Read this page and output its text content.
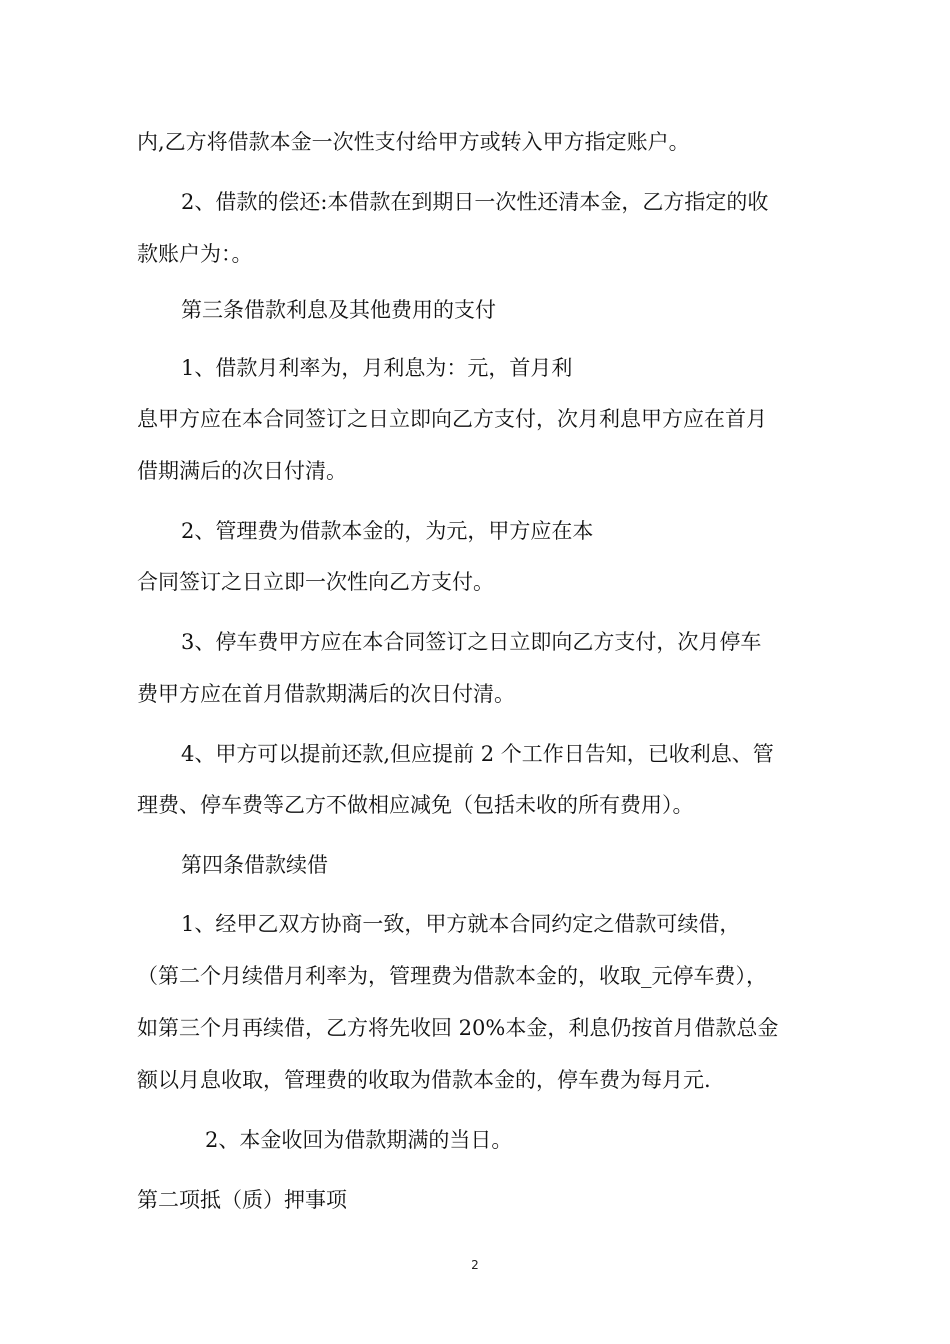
内,乙方将借款本金一次性支付给甲方或转入甲方指定账户。
2、借款的偿还:本借款在到期日一次性还清本金，乙方指定的收
款账户为：。
第三条借款利息及其他费用的支付
1、借款月利率为，月利息为：元，首月利
息甲方应在本合同签订之日立即向乙方支付，次月利息甲方应在首月
借期满后的次日付清。
2、管理费为借款本金的，为元，甲方应在本
合同签订之日立即一次性向乙方支付。
3、停车费甲方应在本合同签订之日立即向乙方支付，次月停车
费甲方应在首月借款期满后的次日付清。
4、甲方可以提前还款,但应提前 2 个工作日告知，已收利息、管
理费、停车费等乙方不做相应减免（包括未收的所有费用）。
第四条借款续借
1、经甲乙双方协商一致，甲方就本合同约定之借款可续借，
（第二个月续借月利率为，管理费为借款本金的，收取_元停车费），
如第三个月再续借，乙方将先收回 20%本金，利息仍按首月借款总金
额以月息收取，管理费的收取为借款本金的，停车费为每月元.
2、本金收回为借款期满的当日。
第二项抵（质）押事项
2
